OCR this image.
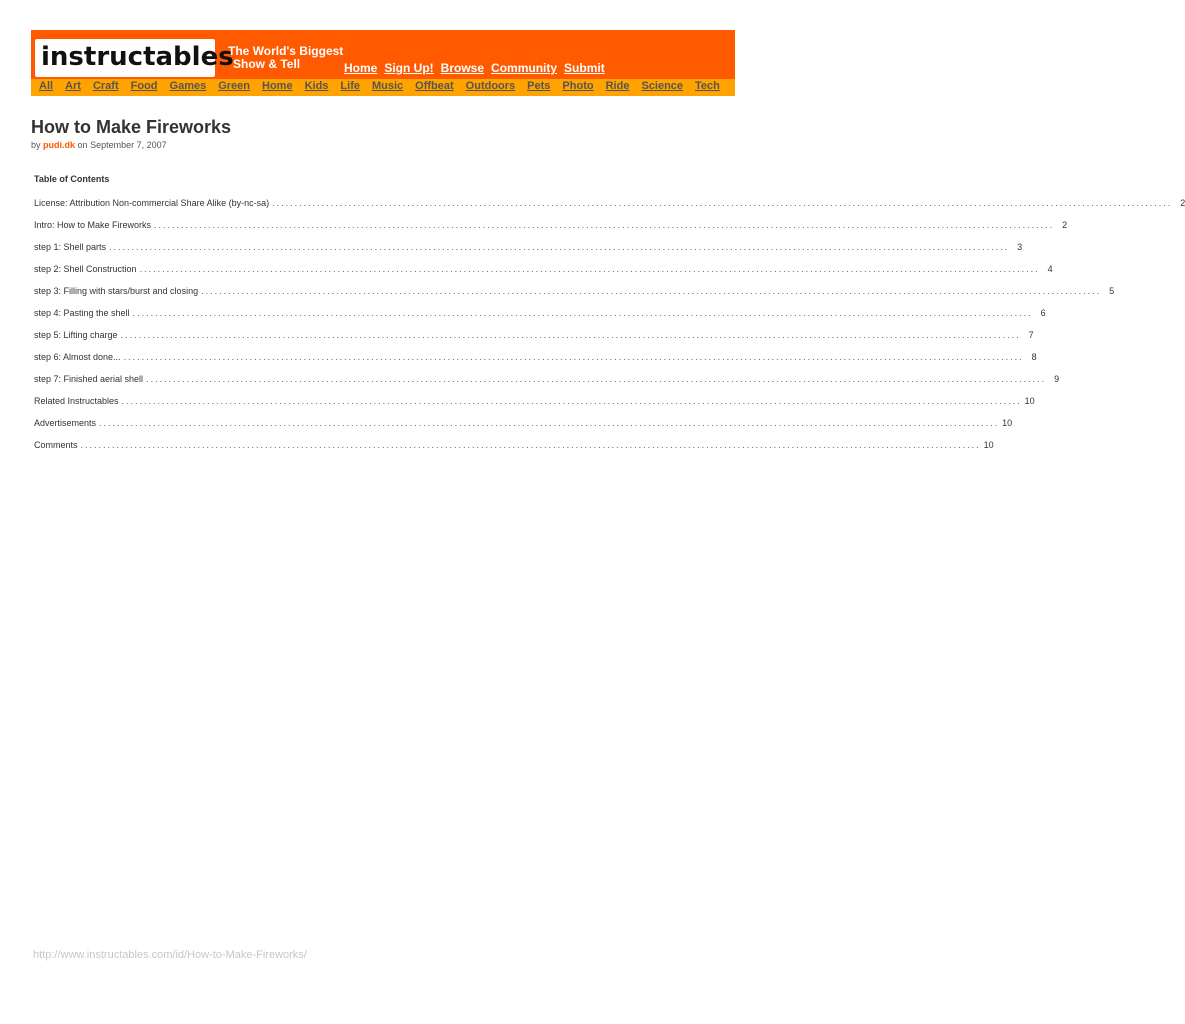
instructables
The World's Biggest
Show & Tell	Home Sign Up! Browse Community Submit
All Art Craft Food Games Green Home Kids Life Music Offbeat Outdoors Pets Photo Ride Science Tech
How to Make Fireworks
by pudi.dk on September 7, 2007
Table of Contents
License: Attribution Non-commercial Share Alike (by-nc-sa) ........................................................................................................................................................................................................ 2
Intro: How to Make Fireworks ........................................................................................................................................................................................................ 2
step 1: Shell parts ........................................................................................................................................................................................................ 3
step 2: Shell Construction ........................................................................................................................................................................................................ 4
step 3: Filling with stars/burst and closing ........................................................................................................................................................................................................ 5
step 4: Pasting the shell ........................................................................................................................................................................................................ 6
step 5: Lifting charge ........................................................................................................................................................................................................ 7
step 6: Almost done... ........................................................................................................................................................................................................ 8
step 7: Finished aerial shell ........................................................................................................................................................................................................ 9
Related Instructables ........................................................................................................................................................................................................ 10
Advertisements ........................................................................................................................................................................................................ 10
Comments ........................................................................................................................................................................................................ 10
http://www.instructables.com/id/How-to-Make-Fireworks/
